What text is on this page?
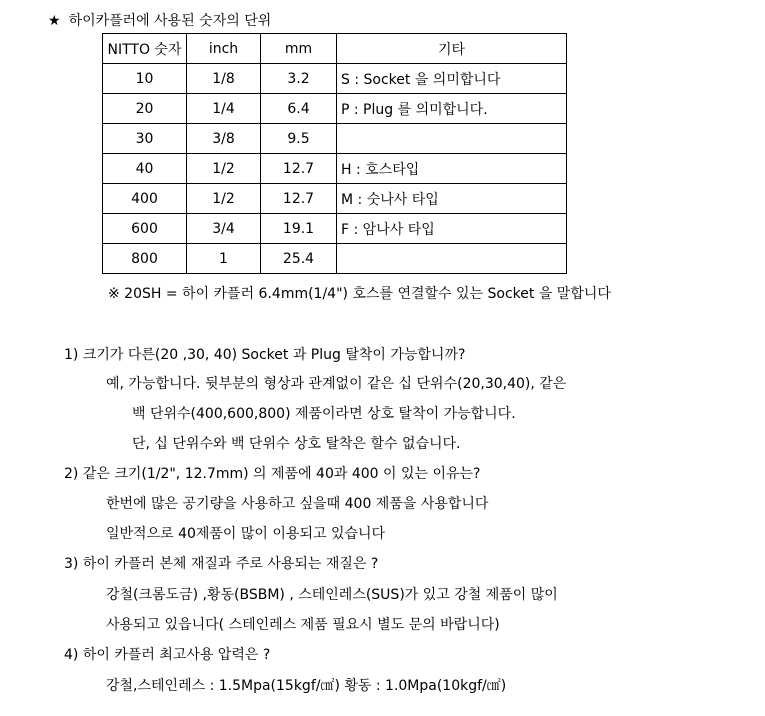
★ 하이카플러에 사용된 숫자의 단위
NITTO 숫자	inch	mm	기타
10	1/8	3.2	S : Socket 을 의미합니다
20	1/4	6.4	P : Plug 를 의미합니다.
30	3/8	9.5	
40	1/2	12.7	H : 호스타입
400	1/2	12.7	M : 숫나사 타입
600	3/4	19.1	F : 암나사 타입
800	1	25.4	
※ 20SH = 하이 카플러 6.4mm(1/4") 호스를 연결할수 있는 Socket 을 말합니다
1) 크기가 다른(20 ,30, 40) Socket 과 Plug 탈착이 가능합니까?
예, 가능합니다. 뒷부분의 형상과 관계없이 같은 십 단위수(20,30,40), 같은
백 단위수(400,600,800) 제품이라면 상호 탈착이 가능합니다.
단, 십 단위수와 백 단위수 상호 탈착은 할수 없습니다.
2) 같은 크기(1/2", 12.7mm) 의 제품에 40과 400 이 있는 이유는?
한번에 많은 공기량을 사용하고 싶을때 400 제품을 사용합니다
일반적으로 40제품이 많이 이용되고 있습니다
3) 하이 카플러 본체 재질과 주로 사용되는 재질은 ?
강철(크롬도금) ,황동(BSBM) , 스테인레스(SUS)가 있고 강철 제품이 많이
사용되고 있읍니다( 스테인레스 제품 필요시 별도 문의 바랍니다)
4) 하이 카플러 최고사용 압력은 ?
강철,스테인레스 : 1.5Mpa(15kgf/㎠) 황동 : 1.0Mpa(10kgf/㎠)
